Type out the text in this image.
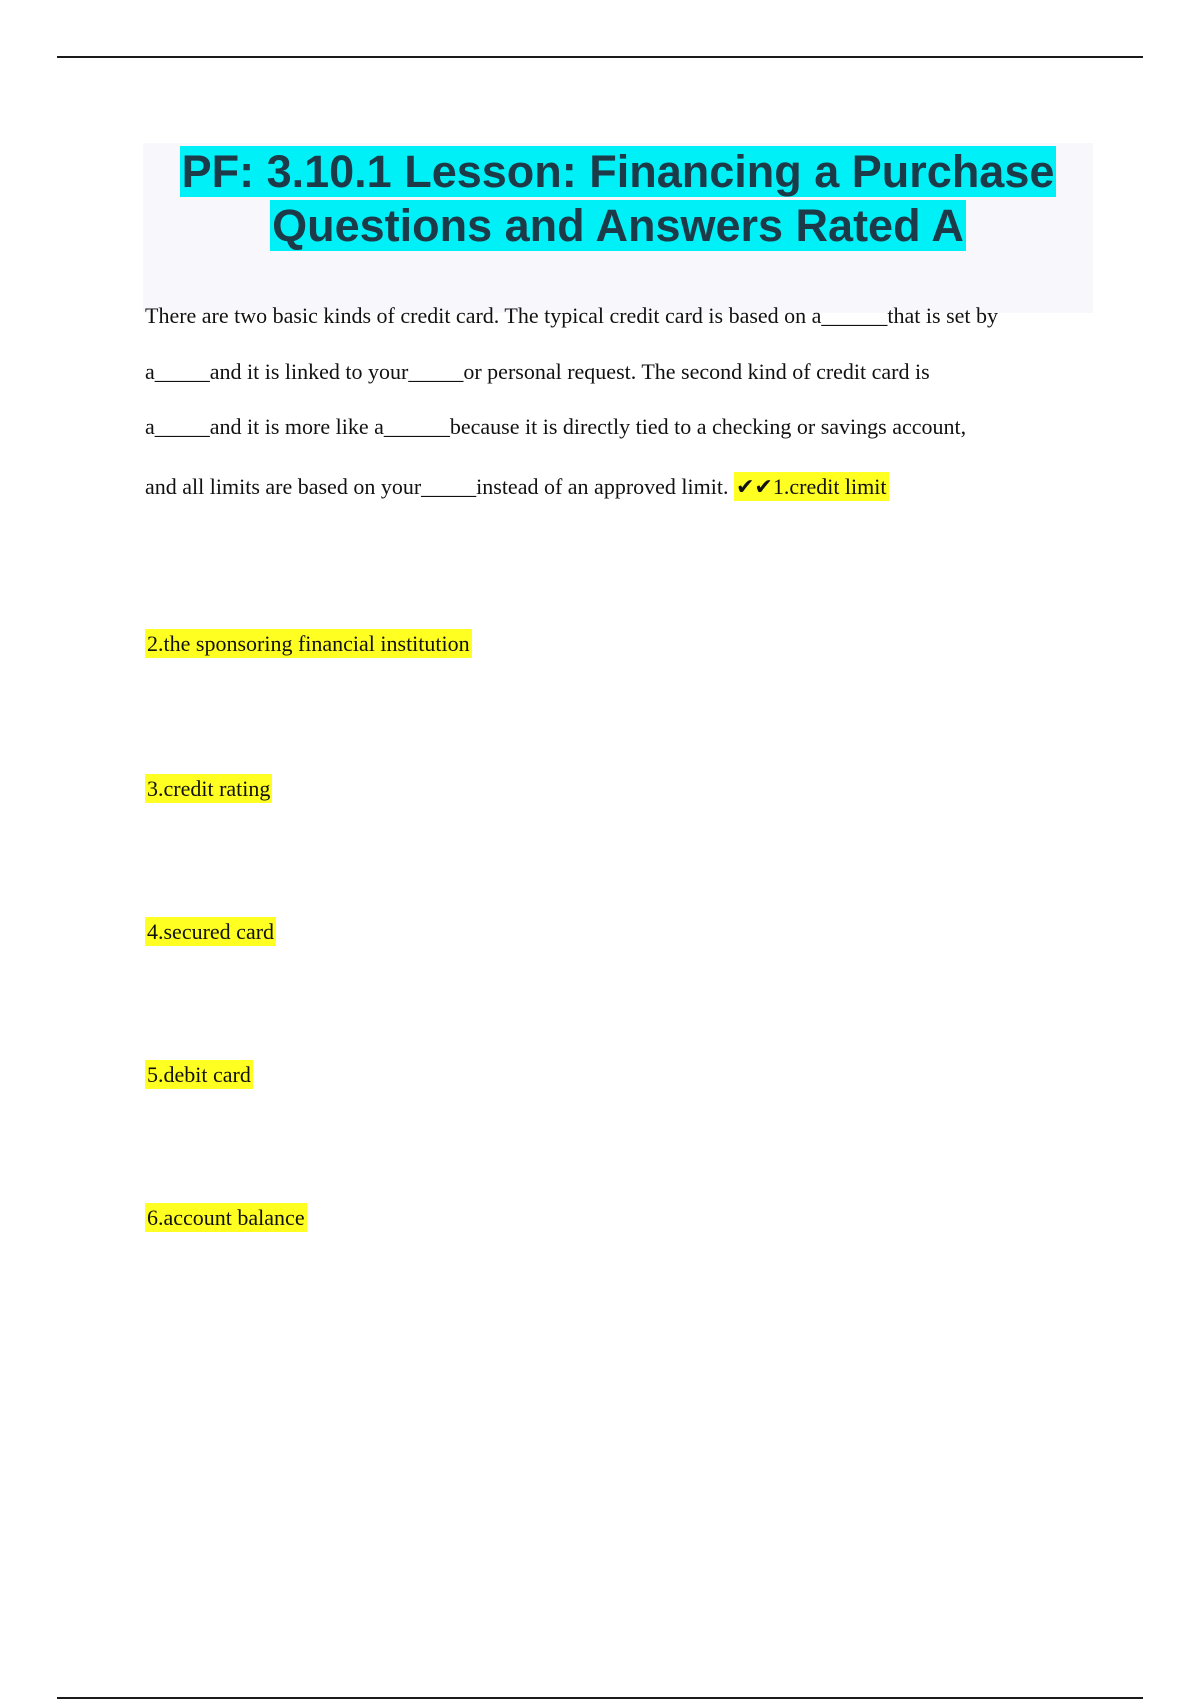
PF: 3.10.1 Lesson: Financing a Purchase
Questions and Answers Rated A
There are two basic kinds of credit card. The typical credit card is based on a______that is set by
a_____and it is linked to your_____or personal request. The second kind of credit card is
a_____and it is more like a______because it is directly tied to a checking or savings account,
and all limits are based on your_____instead of an approved limit. ✔✔1.credit limit

2.the sponsoring financial institution

3.credit rating

4.secured card

5.debit card

6.account balance
